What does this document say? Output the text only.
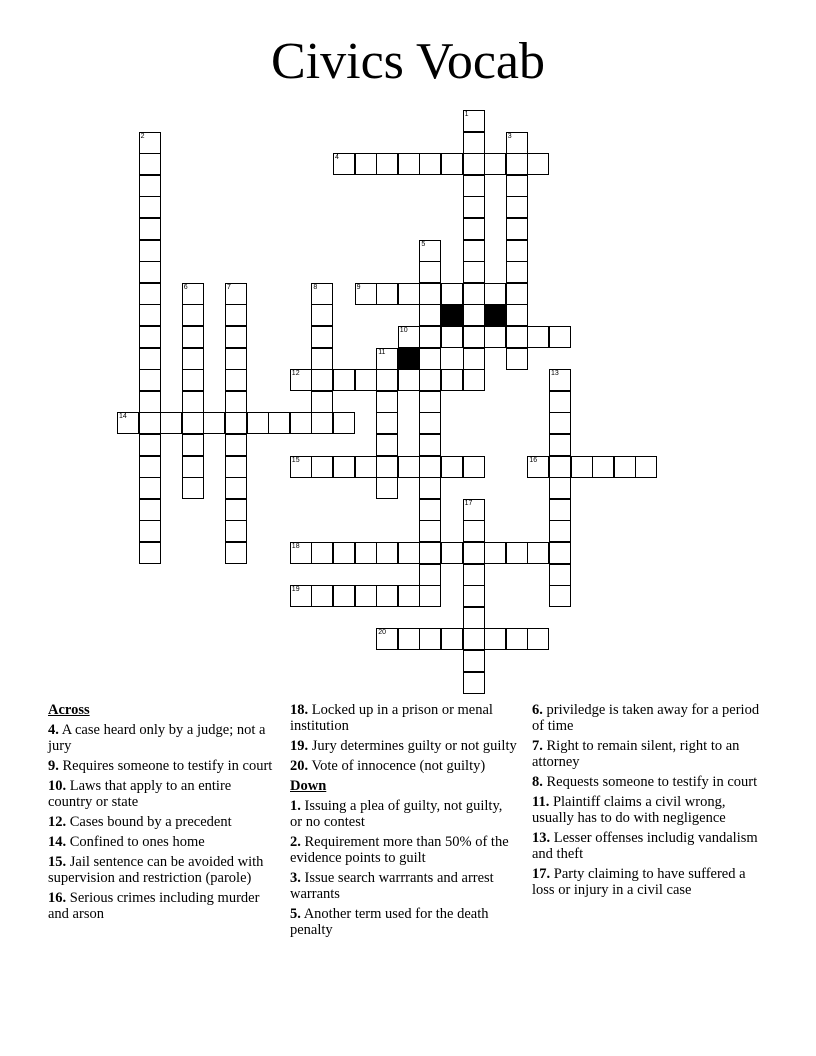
Civics Vocab
1
2	3
4
5
6	7	8	9
10
11
12	13
14
15	16
17
18
19
20
Across
4. A case heard only by a judge; not a jury
9. Requires someone to testify in court
10. Laws that apply to an entire country or state
12. Cases bound by a precedent
14. Confined to ones home
15. Jail sentence can be avoided with supervision and restriction (parole)
16. Serious crimes including murder and arson
18. Locked up in a prison or menal institution
19. Jury determines guilty or not guilty
20. Vote of innocence (not guilty)
Down
1. Issuing a plea of guilty, not guilty, or no contest
2. Requirement more than 50% of the evidence points to guilt
3. Issue search warrrants and arrest warrants
5. Another term used for the death penalty
6. priviledge is taken away for a period of time
7. Right to remain silent, right to an attorney
8. Requests someone to testify in court
11. Plaintiff claims a civil wrong, usually has to do with negligence
13. Lesser offenses includig vandalism and theft
17. Party claiming to have suffered a loss or injury in a civil case
